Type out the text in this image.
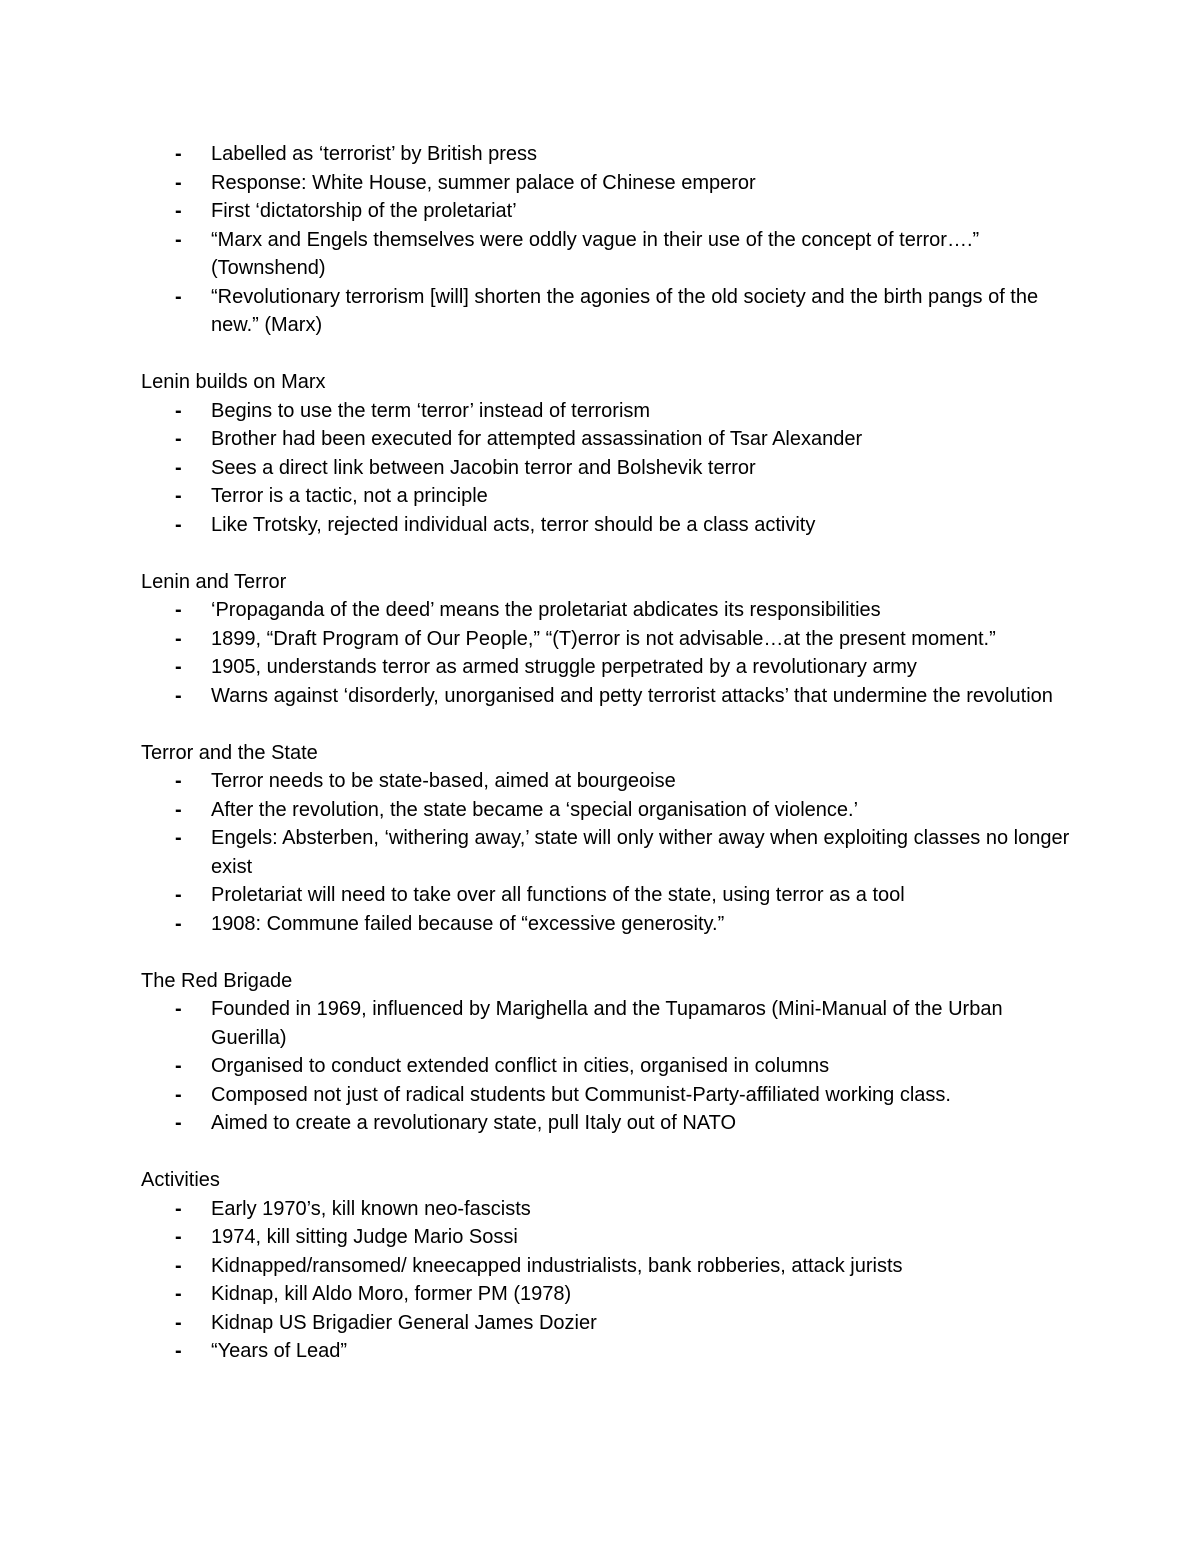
- Labelled as ‘terrorist’ by British press
- Response: White House, summer palace of Chinese emperor
- First ‘dictatorship of the proletariat’
- “Marx and Engels themselves were oddly vague in their use of the concept of terror….” (Townshend)
- “Revolutionary terrorism [will] shorten the agonies of the old society and the birth pangs of the new.” (Marx)
Lenin builds on Marx
- Begins to use the term ‘terror’ instead of terrorism
- Brother had been executed for attempted assassination of Tsar Alexander
- Sees a direct link between Jacobin terror and Bolshevik terror
- Terror is a tactic, not a principle
- Like Trotsky, rejected individual acts, terror should be a class activity
Lenin and Terror
- ‘Propaganda of the deed’ means the proletariat abdicates its responsibilities
- 1899, “Draft Program of Our People,” “(T)error is not advisable…at the present moment.”
- 1905, understands terror as armed struggle perpetrated by a revolutionary army
- Warns against ‘disorderly, unorganised and petty terrorist attacks’ that undermine the revolution
Terror and the State
- Terror needs to be state-based, aimed at bourgeoise
- After the revolution, the state became a ‘special organisation of violence.’
- Engels: Absterben, ‘withering away,’ state will only wither away when exploiting classes no longer exist
- Proletariat will need to take over all functions of the state, using terror as a tool
- 1908: Commune failed because of “excessive generosity.”
The Red Brigade
- Founded in 1969, influenced by Marighella and the Tupamaros (Mini-Manual of the Urban Guerilla)
- Organised to conduct extended conflict in cities, organised in columns
- Composed not just of radical students but Communist-Party-affiliated working class.
- Aimed to create a revolutionary state, pull Italy out of NATO
Activities
- Early 1970’s, kill known neo-fascists
- 1974, kill sitting Judge Mario Sossi
- Kidnapped/ransomed/ kneecapped industrialists, bank robberies, attack jurists
- Kidnap, kill Aldo Moro, former PM (1978)
- Kidnap US Brigadier General James Dozier
- “Years of Lead”
